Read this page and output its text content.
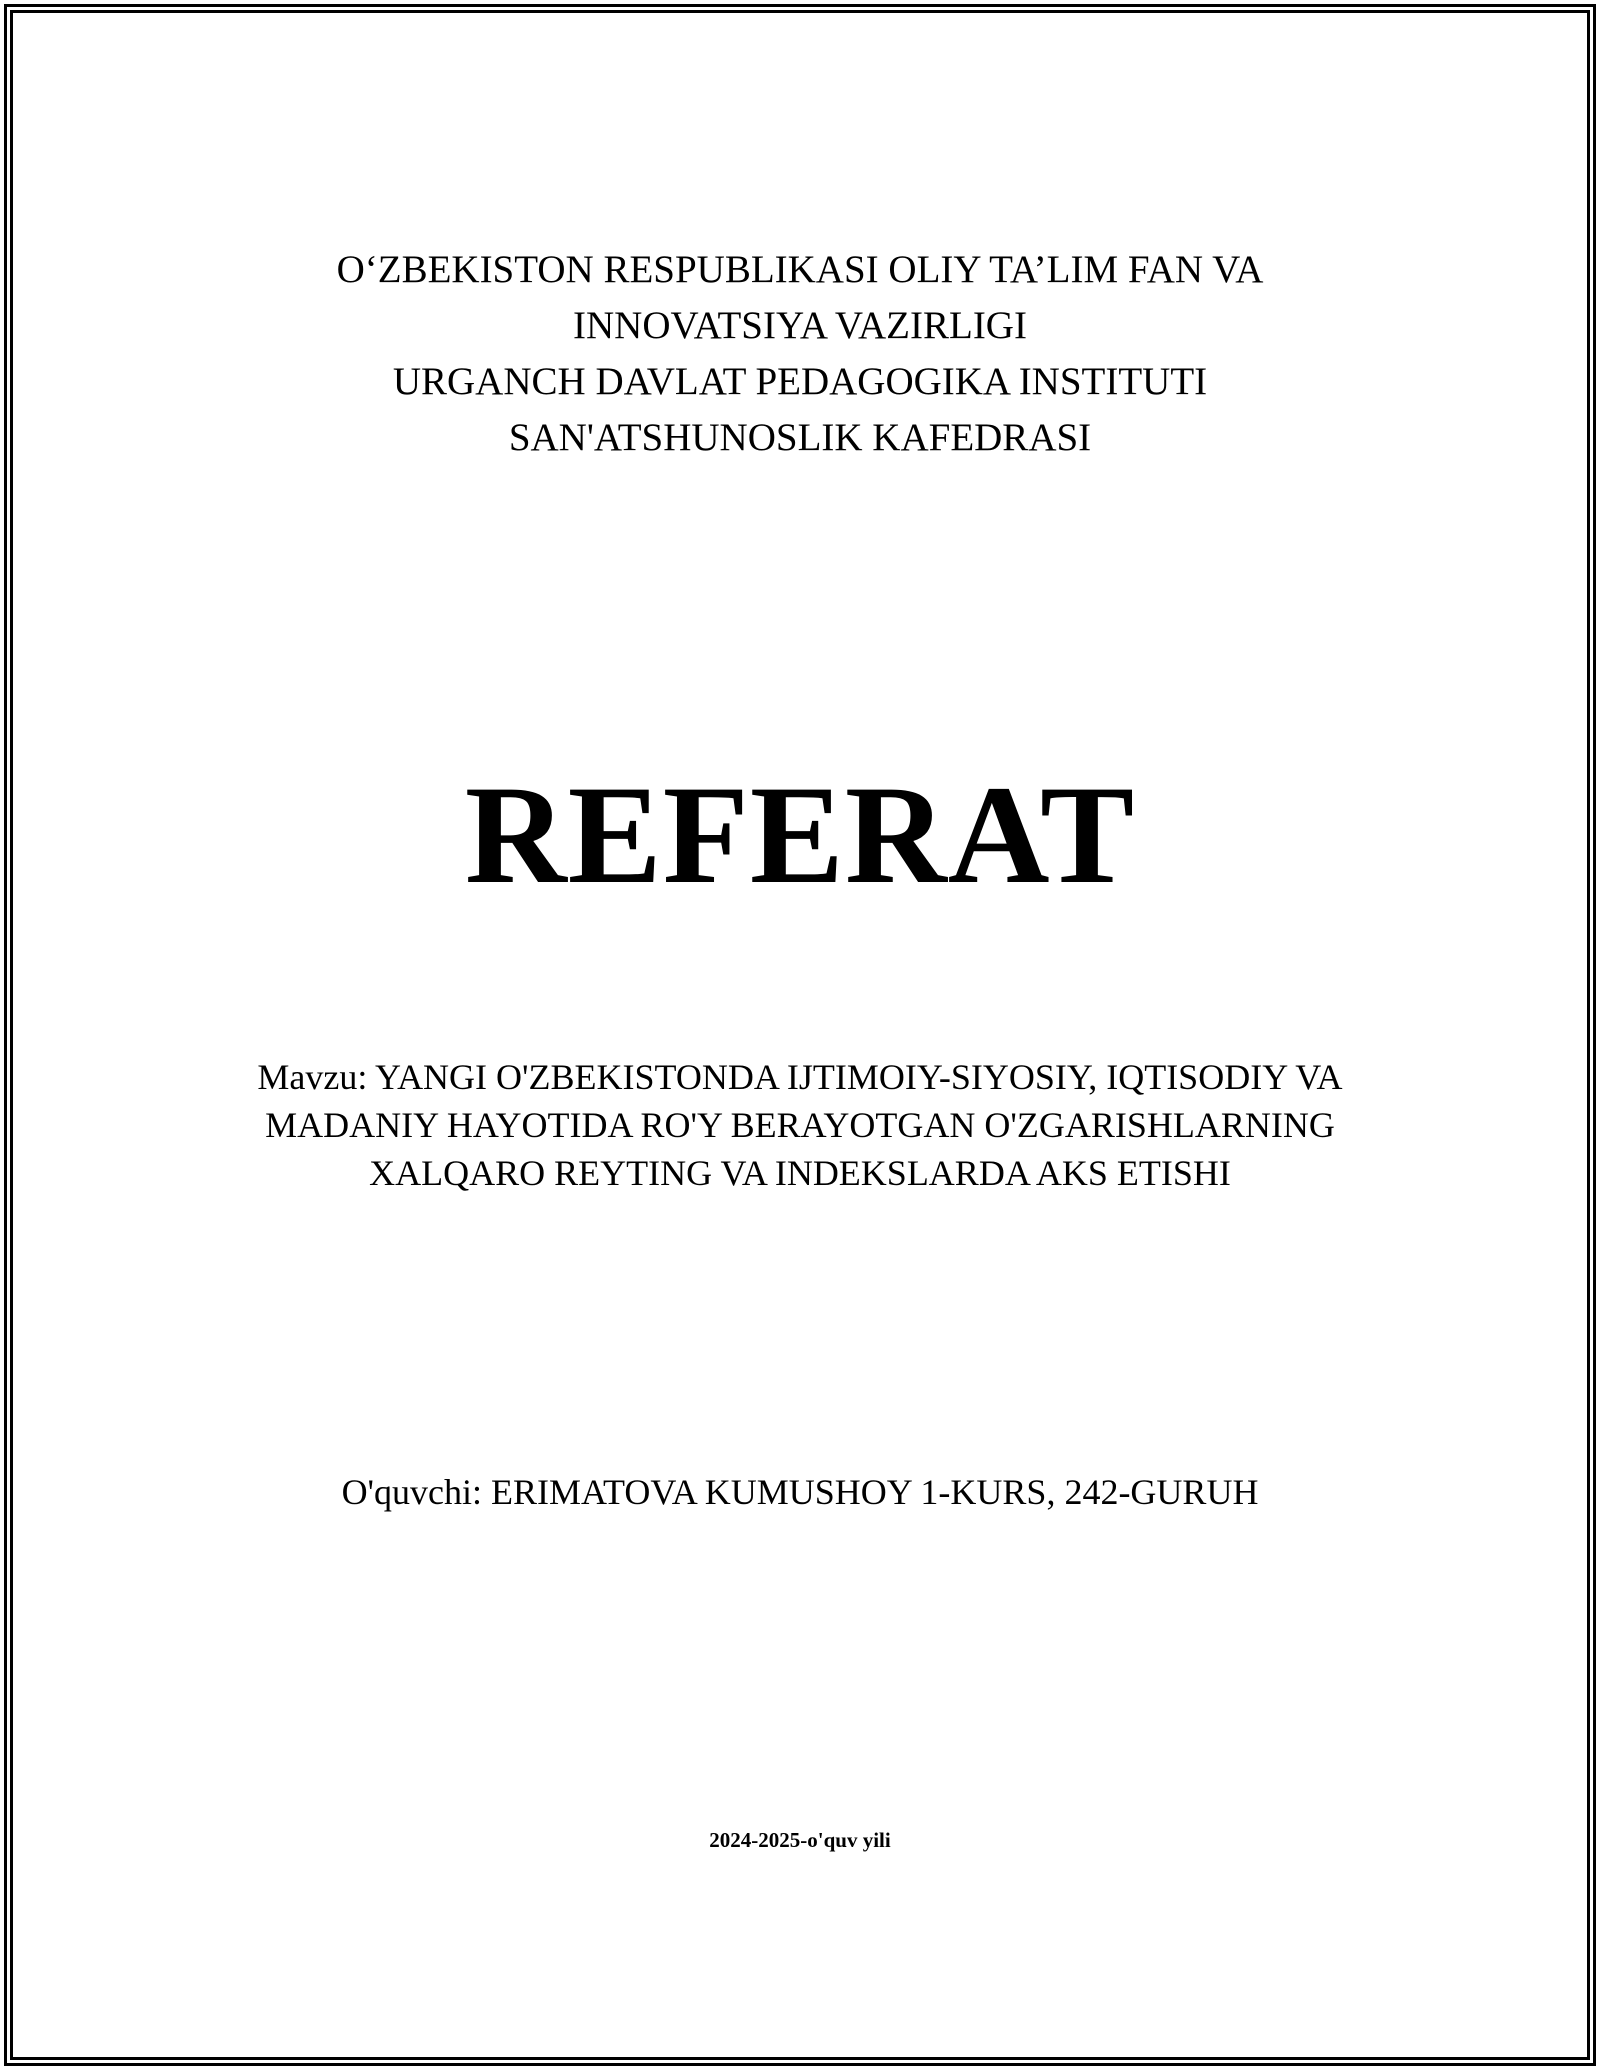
O‘ZBEKISTON RESPUBLIKASI OLIY TA’LIM FAN VA
INNOVATSIYA VAZIRLIGI
URGANCH DAVLAT PEDAGOGIKA INSTITUTI
SAN'ATSHUNOSLIK KAFEDRASI
REFERAT
Mavzu: YANGI O'ZBEKISTONDA IJTIMOIY-SIYOSIY, IQTISODIY VA
MADANIY HAYOTIDA RO'Y BERAYOTGAN O'ZGARISHLARNING
XALQARO REYTING VA INDEKSLARDA AKS ETISHI
O'quvchi: ERIMATOVA KUMUSHOY 1-KURS, 242-GURUH
2024-2025-o'quv yili
